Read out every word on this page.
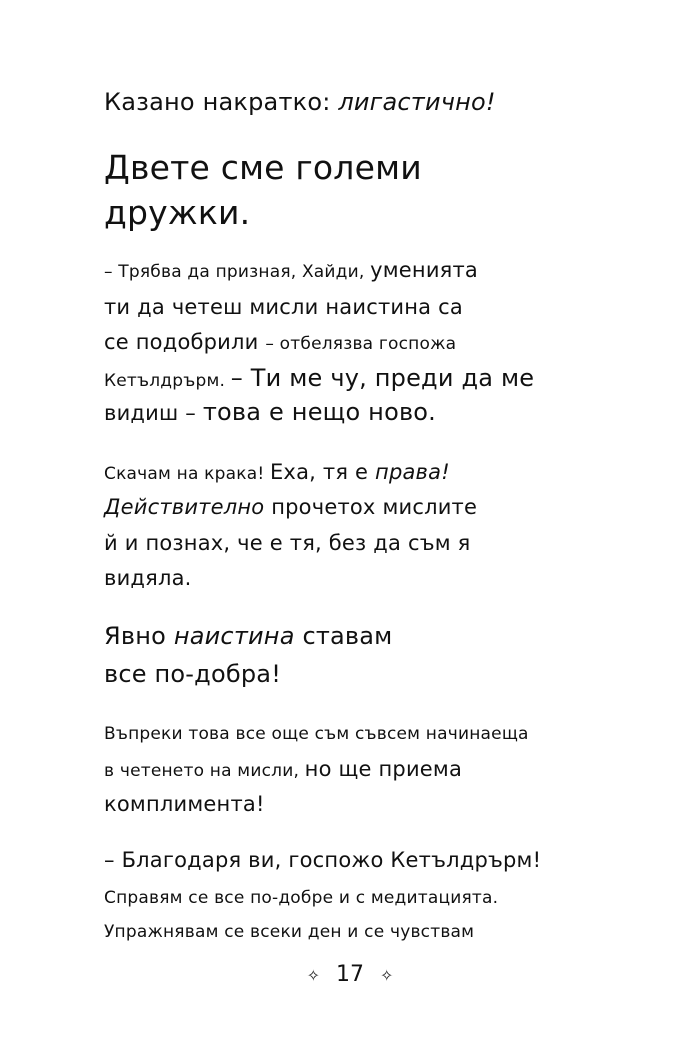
Казано накратко: лигастично!
Двете сме големи
дружки.
– Трябва да призная, Хайди, уменията
ти да четеш мисли наистина са
се подобрили – отбелязва госпожа
Кетълдрърм. – Ти ме чу, преди да ме
видиш – това е нещо ново.
Скачам на крака! Еха, тя е права!
Действително прочетох мислите
й и познах, че е тя, без да съм я
видяла.
Явно наистина ставам
все по-добра!
Въпреки това все още съм съвсем начинаеща
в четенето на мисли, но ще приема
комплимента!
– Благодаря ви, госпожо Кетълдрърм!
Справям се все по-добре и с медитацията.
Упражнявам се всеки ден и се чувствам
✧ 17 ✧
